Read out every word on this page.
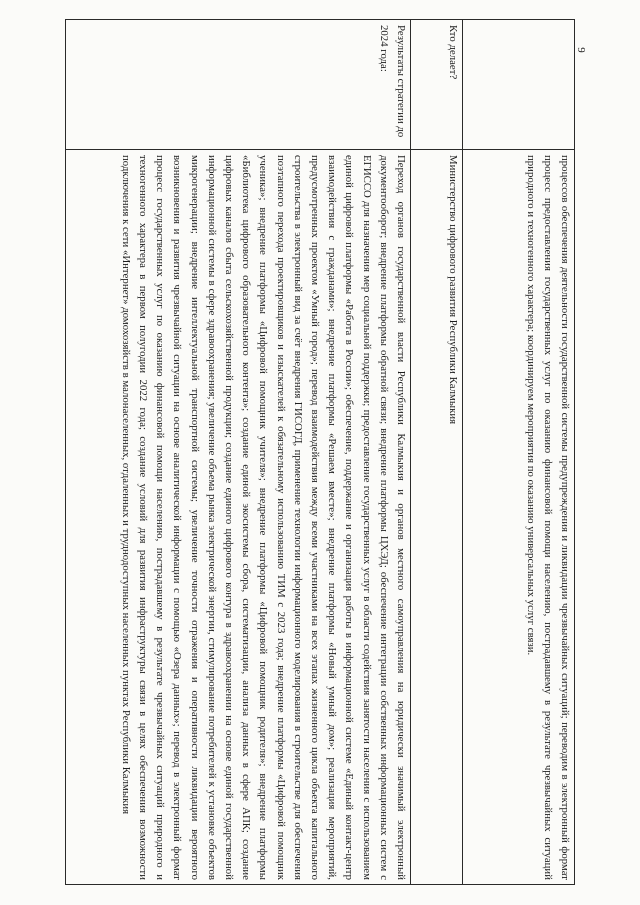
9

	процессов обеспечения деятельности государственной системы предупреждения и ликвидации чрезвычайных ситуаций; переводим в электронный формат процесс предоставления государственных услуг по оказанию финансовой помощи населению, пострадавшему в результате чрезвычайных ситуаций природного и техногенного характера; координируем мероприятия по оказанию универсальных услуг связи.

Кто делает?	Министерство цифрового развития Республики Калмыкия

Результаты стратегии до 2024 года:	Переход органов государственной власти Республики Калмыкия и органов местного самоуправления на юридически значимый электронный документооборот; внедрение платформы обратной связи; внедрение платформы ЦХЭД; обеспечение интеграции собственных информационных систем с ЕГИССО для назначения мер социальной поддержки; предоставление государственных услуг в области содействия занятости населения с использованием единой цифровой платформы «Работа в России»; обеспечение, поддержание и организация работы в информационной системе «Единый контакт-центр взаимодействия с гражданами»; внедрение платформы «Решаем вместе»; внедрение платформы «Новый умный дом»; реализация мероприятий, предусмотренных проектом «Умный город»; перевод взаимодействия между всеми участниками на всех этапах жизненного цикла объекта капитального строительства в электронный вид за счёт внедрения ГИСОГД, применение технологии информационного моделирования в строительстве для обеспечения поэтапного перехода проектировщиков и изыскателей к обязательному использованию ТИМ с 2023 года; внедрение платформы «Цифровой помощник ученика»; внедрение платформы «Цифровой помощник учителя»; внедрение платформы «Цифровой помощник родителя»; внедрение платформы «Библиотека цифрового образовательного контента»; создание единой экосистемы сбора, систематизации, анализа данных в сфере АПК; создание цифровых каналов сбыта сельскохозяйственной продукции; создание единого цифрового контура в здравоохранении на основе единой государственной информационной системы в сфере здравоохранения; увеличение объема рынка электрической энергии, стимулирование потребителей к установке объектов микрогенерации; внедрение интеллектуальной транспортной системы; увеличение точности отражения и оперативности ликвидации вероятного возникновения и развития чрезвычайной ситуации на основе аналитической информации с помощью «Озера данных»; перевод в электронный формат процесс государственных услуг по оказанию финансовой помощи населению, пострадавшему в результате чрезвычайных ситуаций природного и техногенного характера в первом полугодии 2022 года; создание условий для развития инфраструктуры связи в целях обеспечения возможности подключения к сети «Интернет» домохозяйств в малонаселенных, отдаленных и труднодоступных населенных пунктах Республики Калмыкия
